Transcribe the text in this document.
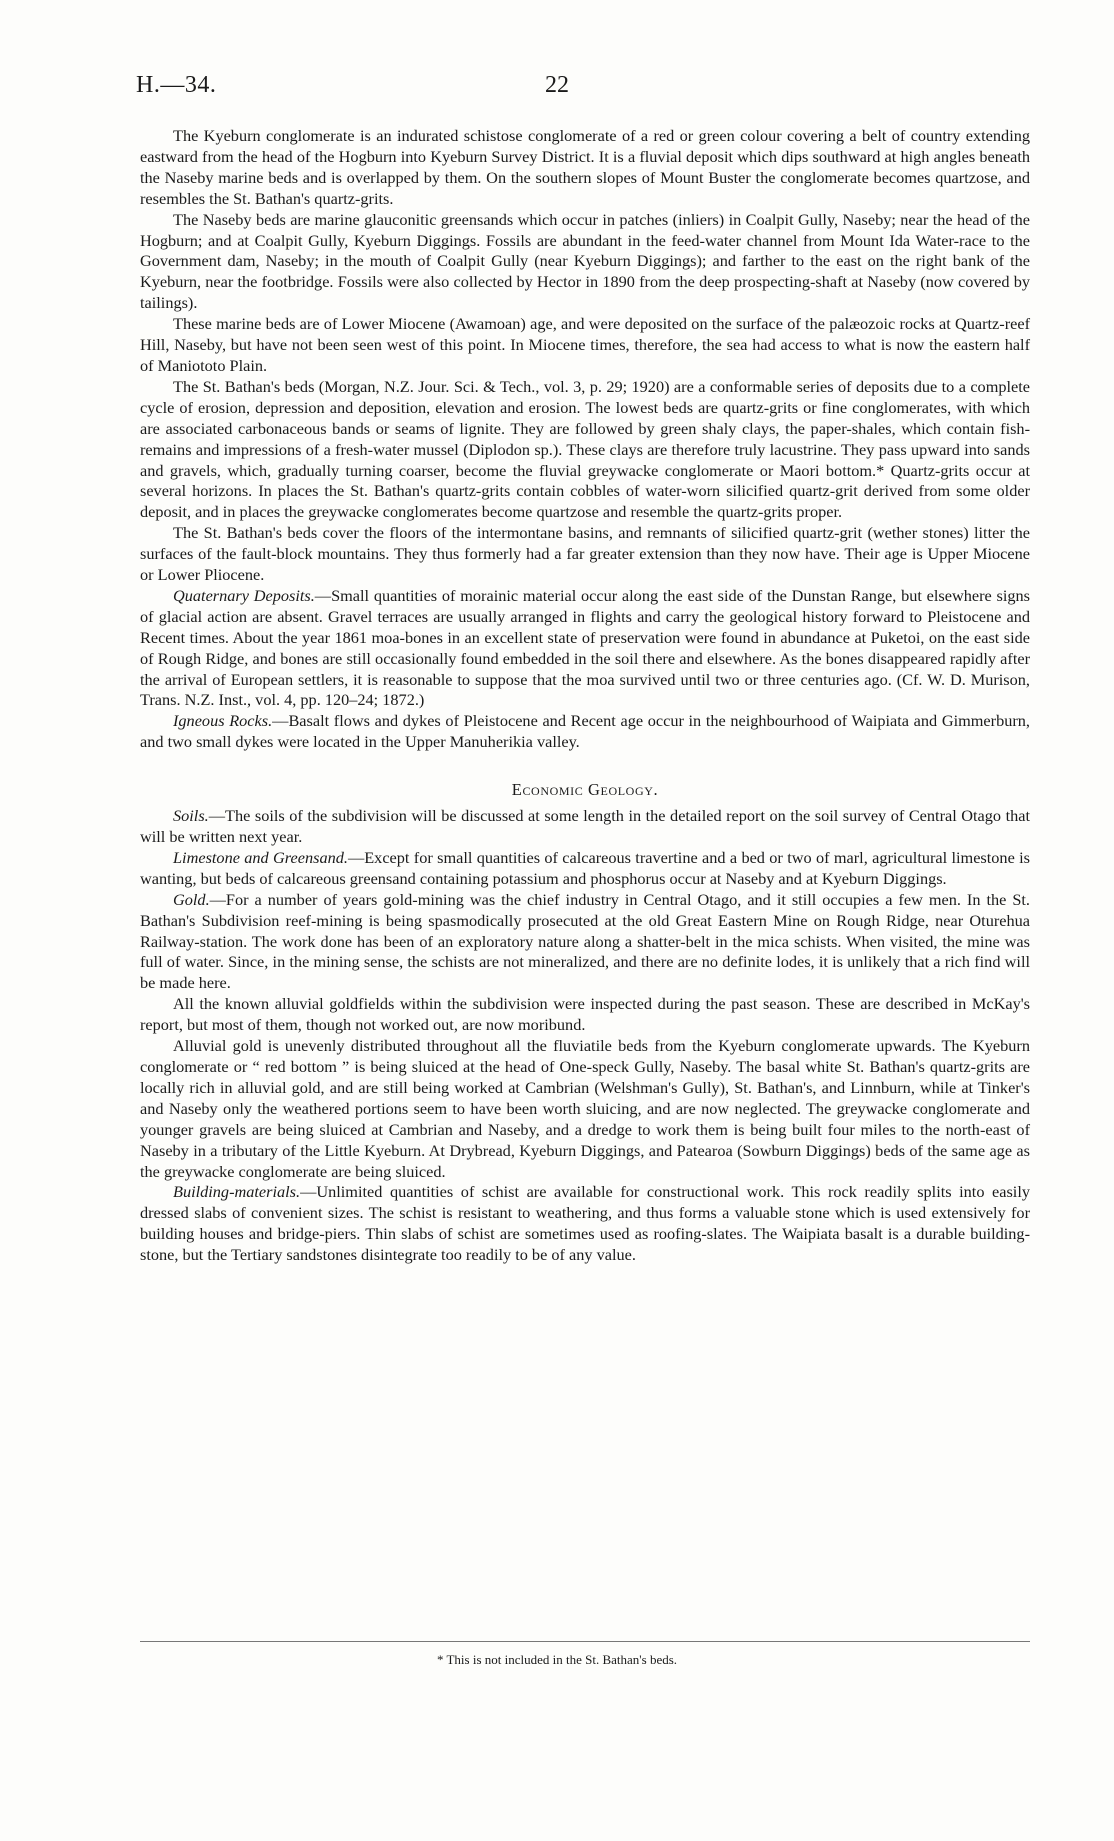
H.—34.	22

The Kyeburn conglomerate is an indurated schistose conglomerate of a red or green colour covering a belt of country extending eastward from the head of the Hogburn into Kyeburn Survey District. It is a fluvial deposit which dips southward at high angles beneath the Naseby marine beds and is overlapped by them. On the southern slopes of Mount Buster the conglomerate becomes quartzose, and resembles the St. Bathan's quartz-grits.

The Naseby beds are marine glauconitic greensands which occur in patches (inliers) in Coalpit Gully, Naseby; near the head of the Hogburn; and at Coalpit Gully, Kyeburn Diggings. Fossils are abundant in the feed-water channel from Mount Ida Water-race to the Government dam, Naseby; in the mouth of Coalpit Gully (near Kyeburn Diggings); and farther to the east on the right bank of the Kyeburn, near the footbridge. Fossils were also collected by Hector in 1890 from the deep prospecting-shaft at Naseby (now covered by tailings).

These marine beds are of Lower Miocene (Awamoan) age, and were deposited on the surface of the palæozoic rocks at Quartz-reef Hill, Naseby, but have not been seen west of this point. In Miocene times, therefore, the sea had access to what is now the eastern half of Maniototo Plain.

The St. Bathan's beds (Morgan, N.Z. Jour. Sci. & Tech., vol. 3, p. 29; 1920) are a conformable series of deposits due to a complete cycle of erosion, depression and deposition, elevation and erosion. The lowest beds are quartz-grits or fine conglomerates, with which are associated carbonaceous bands or seams of lignite. They are followed by green shaly clays, the paper-shales, which contain fish-remains and impressions of a fresh-water mussel (Diplodon sp.). These clays are therefore truly lacustrine. They pass upward into sands and gravels, which, gradually turning coarser, become the fluvial greywacke conglomerate or Maori bottom.* Quartz-grits occur at several horizons. In places the St. Bathan's quartz-grits contain cobbles of water-worn silicified quartz-grit derived from some older deposit, and in places the greywacke conglomerates become quartzose and resemble the quartz-grits proper.

The St. Bathan's beds cover the floors of the intermontane basins, and remnants of silicified quartz-grit (wether stones) litter the surfaces of the fault-block mountains. They thus formerly had a far greater extension than they now have. Their age is Upper Miocene or Lower Pliocene.

Quaternary Deposits.—Small quantities of morainic material occur along the east side of the Dunstan Range, but elsewhere signs of glacial action are absent. Gravel terraces are usually arranged in flights and carry the geological history forward to Pleistocene and Recent times. About the year 1861 moa-bones in an excellent state of preservation were found in abundance at Puketoi, on the east side of Rough Ridge, and bones are still occasionally found embedded in the soil there and elsewhere. As the bones disappeared rapidly after the arrival of European settlers, it is reasonable to suppose that the moa survived until two or three centuries ago. (Cf. W. D. Murison, Trans. N.Z. Inst., vol. 4, pp. 120–24; 1872.)

Igneous Rocks.—Basalt flows and dykes of Pleistocene and Recent age occur in the neighbourhood of Waipiata and Gimmerburn, and two small dykes were located in the Upper Manuherikia valley.

Economic Geology.

Soils.—The soils of the subdivision will be discussed at some length in the detailed report on the soil survey of Central Otago that will be written next year.

Limestone and Greensand.—Except for small quantities of calcareous travertine and a bed or two of marl, agricultural limestone is wanting, but beds of calcareous greensand containing potassium and phosphorus occur at Naseby and at Kyeburn Diggings.

Gold.—For a number of years gold-mining was the chief industry in Central Otago, and it still occupies a few men. In the St. Bathan's Subdivision reef-mining is being spasmodically prosecuted at the old Great Eastern Mine on Rough Ridge, near Oturehua Railway-station. The work done has been of an exploratory nature along a shatter-belt in the mica schists. When visited, the mine was full of water. Since, in the mining sense, the schists are not mineralized, and there are no definite lodes, it is unlikely that a rich find will be made here.

All the known alluvial goldfields within the subdivision were inspected during the past season. These are described in McKay's report, but most of them, though not worked out, are now moribund.

Alluvial gold is unevenly distributed throughout all the fluviatile beds from the Kyeburn conglomerate upwards. The Kyeburn conglomerate or “ red bottom ” is being sluiced at the head of One-speck Gully, Naseby. The basal white St. Bathan's quartz-grits are locally rich in alluvial gold, and are still being worked at Cambrian (Welshman's Gully), St. Bathan's, and Linnburn, while at Tinker's and Naseby only the weathered portions seem to have been worth sluicing, and are now neglected. The greywacke conglomerate and younger gravels are being sluiced at Cambrian and Naseby, and a dredge to work them is being built four miles to the north-east of Naseby in a tributary of the Little Kyeburn. At Drybread, Kyeburn Diggings, and Patearoa (Sowburn Diggings) beds of the same age as the greywacke conglomerate are being sluiced.

Building-materials.—Unlimited quantities of schist are available for constructional work. This rock readily splits into easily dressed slabs of convenient sizes. The schist is resistant to weathering, and thus forms a valuable stone which is used extensively for building houses and bridge-piers. Thin slabs of schist are sometimes used as roofing-slates. The Waipiata basalt is a durable building-stone, but the Tertiary sandstones disintegrate too readily to be of any value.

* This is not included in the St. Bathan's beds.
